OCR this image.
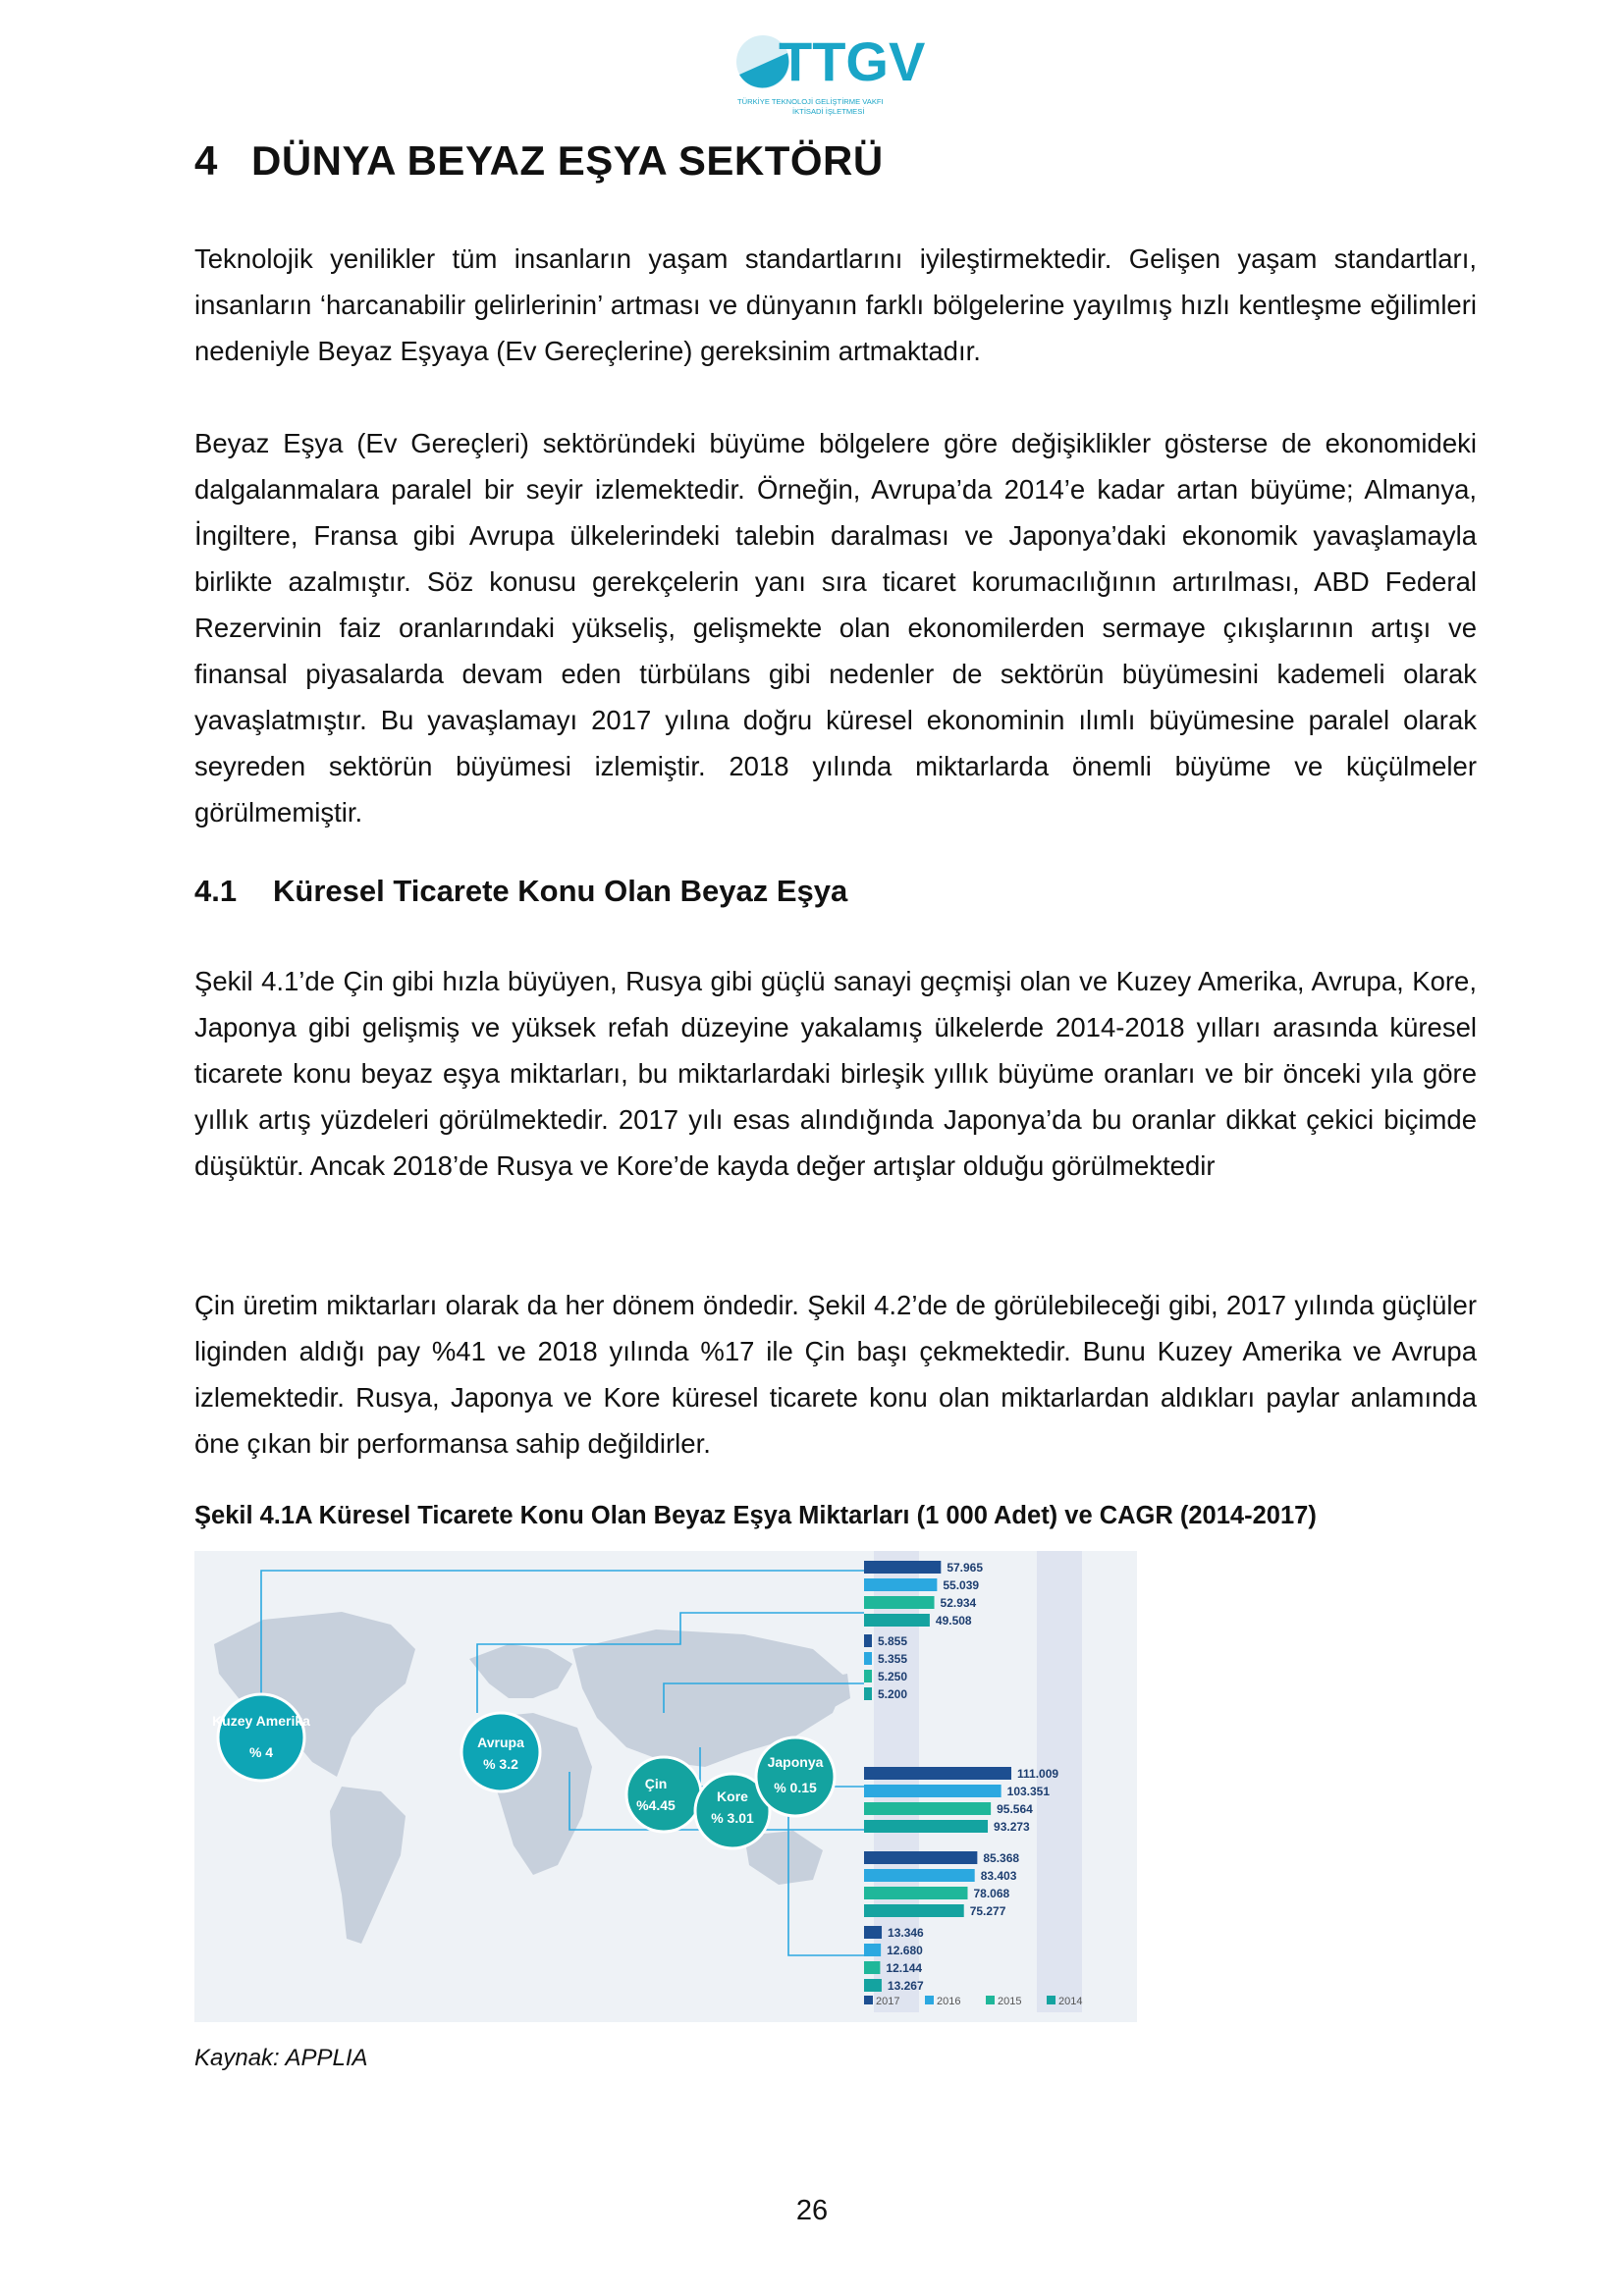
TTGV
TÜRKİYE TEKNOLOJİ GELİŞTİRME VAKFI
İKTİSADİ İŞLETMESİ
4 DÜNYA BEYAZ EŞYA SEKTÖRÜ

Teknolojik yenilikler tüm insanların yaşam standartlarını iyileştirmektedir. Gelişen yaşam standartları, insanların ‘harcanabilir gelirlerinin’ artması ve dünyanın farklı bölgelerine yayılmış hızlı kentleşme eğilimleri nedeniyle Beyaz Eşyaya (Ev Gereçlerine) gereksinim artmaktadır.

Beyaz Eşya (Ev Gereçleri) sektöründeki büyüme bölgelere göre değişiklikler gösterse de ekonomideki dalgalanmalara paralel bir seyir izlemektedir. Örneğin, Avrupa’da 2014’e kadar artan büyüme; Almanya, İngiltere, Fransa gibi Avrupa ülkelerindeki talebin daralması ve Japonya’daki ekonomik yavaşlamayla birlikte azalmıştır. Söz konusu gerekçelerin yanı sıra ticaret korumacılığının artırılması, ABD Federal Rezervinin faiz oranlarındaki yükseliş, gelişmekte olan ekonomilerden sermaye çıkışlarının artışı ve finansal piyasalarda devam eden türbülans gibi nedenler de sektörün büyümesini kademeli olarak yavaşlatmıştır. Bu yavaşlamayı 2017 yılına doğru küresel ekonominin ılımlı büyümesine paralel olarak seyreden sektörün büyümesi izlemiştir. 2018 yılında miktarlarda önemli büyüme ve küçülmeler görülmemiştir.

4.1 Küresel Ticarete Konu Olan Beyaz Eşya

Şekil 4.1’de Çin gibi hızla büyüyen, Rusya gibi güçlü sanayi geçmişi olan ve Kuzey Amerika, Avrupa, Kore, Japonya gibi gelişmiş ve yüksek refah düzeyine yakalamış ülkelerde 2014-2018 yılları arasında küresel ticarete konu beyaz eşya miktarları, bu miktarlardaki birleşik yıllık büyüme oranları ve bir önceki yıla göre yıllık artış yüzdeleri görülmektedir. 2017 yılı esas alındığında Japonya’da bu oranlar dikkat çekici biçimde düşüktür. Ancak 2018’de Rusya ve Kore’de kayda değer artışlar olduğu görülmektedir

Çin üretim miktarları olarak da her dönem öndedir. Şekil 4.2’de de görülebileceği gibi, 2017 yılında güçlüler liginden aldığı pay %41 ve 2018 yılında %17 ile Çin başı çekmektedir. Bunu Kuzey Amerika ve Avrupa izlemektedir. Rusya, Japonya ve Kore küresel ticarete konu olan miktarlardan aldıkları paylar anlamında öne çıkan bir performansa sahip değildirler.

Şekil 4.1A Küresel Ticarete Konu Olan Beyaz Eşya Miktarları (1 000 Adet) ve CAGR (2014-2017)

Kuzey Amerika
% 4
Avrupa
% 3.2
Çin
%4.45
Kore
% 3.01
Japonya
% 0.15
57.965
55.039
52.934
49.508
5.855
5.355
5.250
5.200
111.009
103.351
95.564
93.273
85.368
83.403
78.068
75.277
13.346
12.680
12.144
13.267
2017	2016	2015	2014

Kaynak: APPLIA

26
